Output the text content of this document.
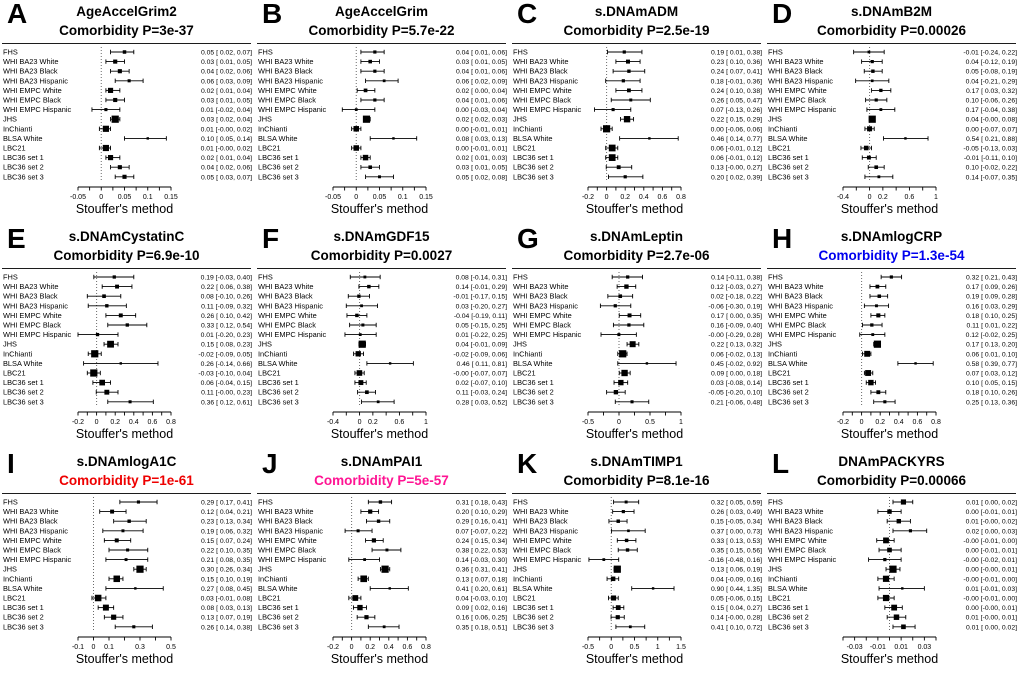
A	AgeAccelGrim2
Comorbidity P=3e-37
FHS	0.05 [ 0.02, 0.07]
WHI BA23 White	0.03 [ 0.01, 0.05]
WHI BA23 Black	0.04 [ 0.02, 0.06]
WHI BA23 Hispanic	0.06 [ 0.03, 0.09]
WHI EMPC White	0.02 [ 0.01, 0.04]
WHI EMPC Black	0.03 [ 0.01, 0.05]
WHI EMPC Hispanic	0.01 [-0.02, 0.04]
JHS	0.03 [ 0.02, 0.04]
InChianti	0.01 [-0.00, 0.02]
BLSA White	0.10 [ 0.05, 0.14]
LBC21	0.01 [-0.00, 0.02]
LBC36 set 1	0.02 [ 0.01, 0.04]
LBC36 set 2	0.04 [ 0.02, 0.06]
LBC36 set 3	0.05 [ 0.03, 0.07]
-0.05 0 0.05 0.1 0.15
Stouffer's method
B	AgeAccelGrim
Comorbidity P=5.7e-22
FHS	0.04 [ 0.01, 0.06]
WHI BA23 White	0.03 [ 0.01, 0.05]
WHI BA23 Black	0.04 [ 0.01, 0.06]
WHI BA23 Hispanic	0.06 [ 0.02, 0.09]
WHI EMPC White	0.02 [ 0.00, 0.04]
WHI EMPC Black	0.04 [ 0.01, 0.06]
WHI EMPC Hispanic	0.00 [-0.03, 0.04]
JHS	0.02 [ 0.02, 0.03]
InChianti	0.00 [-0.01, 0.01]
BLSA White	0.08 [ 0.03, 0.13]
LBC21	0.00 [-0.01, 0.01]
LBC36 set 1	0.02 [ 0.01, 0.03]
LBC36 set 2	0.03 [ 0.01, 0.05]
LBC36 set 3	0.05 [ 0.02, 0.08]
-0.05 0 0.05 0.1 0.15
Stouffer's method
C	s.DNAmADM
Comorbidity P=2.5e-19
FHS	0.19 [ 0.01, 0.38]
WHI BA23 White	0.23 [ 0.10, 0.36]
WHI BA23 Black	0.24 [ 0.07, 0.41]
WHI BA23 Hispanic	0.18 [-0.01, 0.36]
WHI EMPC White	0.24 [ 0.10, 0.38]
WHI EMPC Black	0.26 [ 0.05, 0.47]
WHI EMPC Hispanic	0.07 [-0.13, 0.26]
JHS	0.22 [ 0.15, 0.29]
InChianti	0.00 [-0.06, 0.06]
BLSA White	0.46 [ 0.14, 0.77]
LBC21	0.06 [-0.01, 0.12]
LBC36 set 1	0.06 [-0.01, 0.12]
LBC36 set 2	0.13 [-0.00, 0.27]
LBC36 set 3	0.20 [ 0.02, 0.39]
-0.2 0 0.2 0.4 0.6 0.8
Stouffer's method
D	s.DNAmB2M
Comorbidity P=0.00026
FHS	-0.01 [-0.24, 0.22]
WHI BA23 White	0.04 [-0.12, 0.19]
WHI BA23 Black	0.05 [-0.08, 0.19]
WHI BA23 Hispanic	0.04 [-0.21, 0.29]
WHI EMPC White	0.17 [ 0.03, 0.32]
WHI EMPC Black	0.10 [-0.06, 0.26]
WHI EMPC Hispanic	0.17 [-0.04, 0.38]
JHS	0.04 [-0.00, 0.08]
InChianti	0.00 [-0.07, 0.07]
BLSA White	0.54 [ 0.21, 0.88]
LBC21	-0.05 [-0.13, 0.03]
LBC36 set 1	-0.01 [-0.11, 0.10]
LBC36 set 2	0.10 [-0.02, 0.22]
LBC36 set 3	0.14 [-0.07, 0.35]
-0.4	0 0.2 0.6	1
Stouffer's method
E	s.DNAmCystatinC
Comorbidity P=6.9e-10
FHS	0.19 [-0.03, 0.40]
WHI BA23 White	0.22 [ 0.06, 0.38]
WHI BA23 Black	0.08 [-0.10, 0.26]
WHI BA23 Hispanic	0.11 [-0.09, 0.32]
WHI EMPC White	0.26 [ 0.10, 0.42]
WHI EMPC Black	0.33 [ 0.12, 0.54]
WHI EMPC Hispanic	0.01 [-0.20, 0.23]
JHS	0.15 [ 0.08, 0.23]
InChianti	-0.02 [-0.09, 0.05]
BLSA White	0.26 [-0.14, 0.66]
LBC21	-0.03 [-0.10, 0.04]
LBC36 set 1	0.06 [-0.04, 0.15]
LBC36 set 2	0.11 [-0.00, 0.23]
LBC36 set 3	0.36 [ 0.12, 0.61]
-0.2 0 0.2 0.4 0.6 0.8
Stouffer's method
F	s.DNAmGDF15
Comorbidity P=0.0027
FHS	0.08 [-0.14, 0.31]
WHI BA23 White	0.14 [-0.01, 0.29]
WHI BA23 Black	-0.01 [-0.17, 0.15]
WHI BA23 Hispanic	0.03 [-0.20, 0.27]
WHI EMPC White	-0.04 [-0.19, 0.11]
WHI EMPC Black	0.05 [-0.15, 0.25]
WHI EMPC Hispanic	0.01 [-0.22, 0.25]
JHS	0.04 [-0.01, 0.09]
InChianti	-0.02 [-0.09, 0.06]
BLSA White	0.46 [ 0.11, 0.81]
LBC21	-0.00 [-0.07, 0.07]
LBC36 set 1	0.02 [-0.07, 0.10]
LBC36 set 2	0.11 [-0.03, 0.24]
LBC36 set 3	0.28 [ 0.03, 0.52]
-0.4	0 0.2 0.6	1
Stouffer's method
G	s.DNAmLeptin
Comorbidity P=2.7e-06
FHS	0.14 [-0.11, 0.38]
WHI BA23 White	0.12 [-0.03, 0.27]
WHI BA23 Black	0.02 [-0.18, 0.22]
WHI BA23 Hispanic	-0.06 [-0.30, 0.19]
WHI EMPC White	0.17 [ 0.00, 0.35]
WHI EMPC Black	0.16 [-0.09, 0.40]
WHI EMPC Hispanic	-0.00 [-0.29, 0.28]
JHS	0.22 [ 0.13, 0.32]
InChianti	0.06 [-0.02, 0.13]
BLSA White	0.45 [-0.02, 0.92]
LBC21	0.09 [ 0.00, 0.18]
LBC36 set 1	0.03 [-0.08, 0.14]
LBC36 set 2	-0.05 [-0.20, 0.10]
LBC36 set 3	0.21 [-0.06, 0.48]
-0.5	0	0.5	1
Stouffer's method
H	s.DNAmlogCRP
Comorbidity P=1.3e-54
FHS	0.32 [ 0.21, 0.43]
WHI BA23 White	0.17 [ 0.09, 0.26]
WHI BA23 Black	0.19 [ 0.09, 0.28]
WHI BA23 Hispanic	0.16 [ 0.03, 0.29]
WHI EMPC White	0.18 [ 0.10, 0.25]
WHI EMPC Black	0.11 [ 0.01, 0.22]
WHI EMPC Hispanic	0.12 [-0.02, 0.25]
JHS	0.17 [ 0.13, 0.20]
InChianti	0.06 [ 0.01, 0.10]
BLSA White	0.58 [ 0.39, 0.77]
LBC21	0.07 [ 0.03, 0.12]
LBC36 set 1	0.10 [ 0.05, 0.15]
LBC36 set 2	0.18 [ 0.10, 0.26]
LBC36 set 3	0.25 [ 0.13, 0.36]
-0.2 0 0.2 0.4 0.6 0.8
Stouffer's method
I	s.DNAmlogA1C
Comorbidity P=1e-61
FHS	0.29 [ 0.17, 0.41]
WHI BA23 White	0.12 [ 0.04, 0.21]
WHI BA23 Black	0.23 [ 0.13, 0.34]
WHI BA23 Hispanic	0.19 [ 0.06, 0.32]
WHI EMPC White	0.15 [ 0.07, 0.24]
WHI EMPC Black	0.22 [ 0.10, 0.35]
WHI EMPC Hispanic	0.21 [ 0.08, 0.35]
JHS	0.30 [ 0.26, 0.34]
InChianti	0.15 [ 0.10, 0.19]
BLSA White	0.27 [ 0.08, 0.45]
LBC21	0.03 [-0.01, 0.08]
LBC36 set 1	0.08 [ 0.03, 0.13]
LBC36 set 2	0.13 [ 0.07, 0.19]
LBC36 set 3	0.26 [ 0.14, 0.38]
-0.1 0 0.1	0.3	0.5
Stouffer's method
J	s.DNAmPAI1
Comorbidity P=5e-57
FHS	0.31 [ 0.18, 0.43]
WHI BA23 White	0.20 [ 0.10, 0.29]
WHI BA23 Black	0.29 [ 0.16, 0.41]
WHI BA23 Hispanic	0.07 [-0.07, 0.22]
WHI EMPC White	0.24 [ 0.15, 0.34]
WHI EMPC Black	0.38 [ 0.22, 0.53]
WHI EMPC Hispanic	0.14 [-0.03, 0.30]
JHS	0.36 [ 0.31, 0.41]
InChianti	0.13 [ 0.07, 0.18]
BLSA White	0.41 [ 0.20, 0.61]
LBC21	0.04 [-0.03, 0.10]
LBC36 set 1	0.09 [ 0.02, 0.16]
LBC36 set 2	0.16 [ 0.06, 0.25]
LBC36 set 3	0.35 [ 0.18, 0.51]
-0.2 0 0.2 0.4 0.6 0.8
Stouffer's method
K	s.DNAmTIMP1
Comorbidity P=8.1e-16
FHS	0.32 [ 0.05, 0.59]
WHI BA23 White	0.26 [ 0.03, 0.49]
WHI BA23 Black	0.15 [-0.05, 0.34]
WHI BA23 Hispanic	0.37 [ 0.00, 0.73]
WHI EMPC White	0.33 [ 0.13, 0.53]
WHI EMPC Black	0.35 [ 0.15, 0.56]
WHI EMPC Hispanic	-0.16 [-0.48, 0.16]
JHS	0.13 [ 0.06, 0.19]
InChianti	0.04 [-0.09, 0.16]
BLSA White	0.90 [ 0.44, 1.35]
LBC21	0.05 [-0.06, 0.15]
LBC36 set 1	0.15 [ 0.04, 0.27]
LBC36 set 2	0.14 [-0.00, 0.28]
LBC36 set 3	0.41 [ 0.10, 0.72]
-0.5 0 0.5 1 1.5
Stouffer's method
L	DNAmPACKYRS
Comorbidity P=0.00066
FHS	0.01 [ 0.00, 0.02]
WHI BA23 White	0.00 [-0.01, 0.01]
WHI BA23 Black	0.01 [-0.00, 0.02]
WHI BA23 Hispanic	0.02 [ 0.00, 0.03]
WHI EMPC White	-0.00 [-0.01, 0.00]
WHI EMPC Black	0.00 [-0.01, 0.01]
WHI EMPC Hispanic	-0.00 [-0.02, 0.01]
JHS	0.00 [-0.00, 0.01]
InChianti	-0.00 [-0.01, 0.00]
BLSA White	0.01 [-0.01, 0.03]
LBC21	-0.00 [-0.01, 0.00]
LBC36 set 1	0.00 [-0.00, 0.01]
LBC36 set 2	0.01 [-0.00, 0.01]
LBC36 set 3	0.01 [ 0.00, 0.02]
-0.03 -0.01 0.01 0.03
Stouffer's method
